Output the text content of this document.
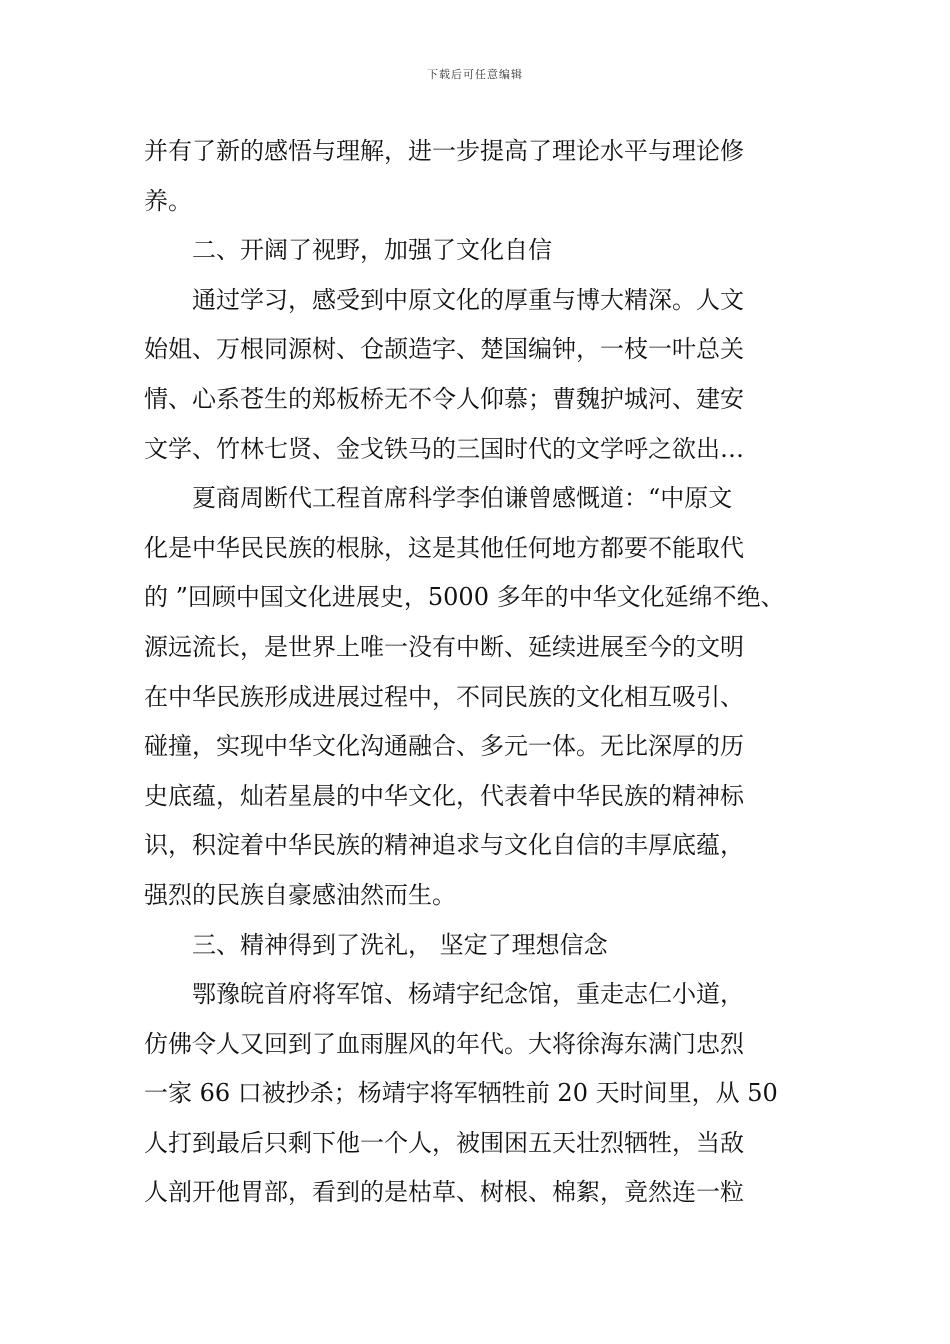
下载后可任意编辑
并有了新的感悟与理解，进一步提高了理论水平与理论修
养。
二、开阔了视野，加强了文化自信
通过学习，感受到中原文化的厚重与博大精深。人文
始姐、万根同源树、仓颉造字、楚国编钟，一枝一叶总关
情、心系苍生的郑板桥无不令人仰慕；曹魏护城河、建安
文学、竹林七贤、金戈铁马的三国时代的文学呼之欲出…
夏商周断代工程首席科学李伯谦曾感慨道：“中原文
化是中华民民族的根脉，这是其他任何地方都要不能取代
的 ”回顾中国文化进展史，5000 多年的中华文化延绵不绝、
源远流长，是世界上唯一没有中断、延续进展至今的文明
在中华民族形成进展过程中，不同民族的文化相互吸引、
碰撞，实现中华文化沟通融合、多元一体。无比深厚的历
史底蕴，灿若星晨的中华文化，代表着中华民族的精神标
识，积淀着中华民族的精神追求与文化自信的丰厚底蕴，
强烈的民族自豪感油然而生。
三、精神得到了洗礼， 坚定了理想信念
鄂豫皖首府将军馆、杨靖宇纪念馆，重走志仁小道，
仿佛令人又回到了血雨腥风的年代。大将徐海东满门忠烈
一家 66 口被抄杀；杨靖宇将军牺牲前 20 天时间里，从 50
人打到最后只剩下他一个人，被围困五天壮烈牺牲，当敌
人剖开他胃部，看到的是枯草、树根、棉絮，竟然连一粒
